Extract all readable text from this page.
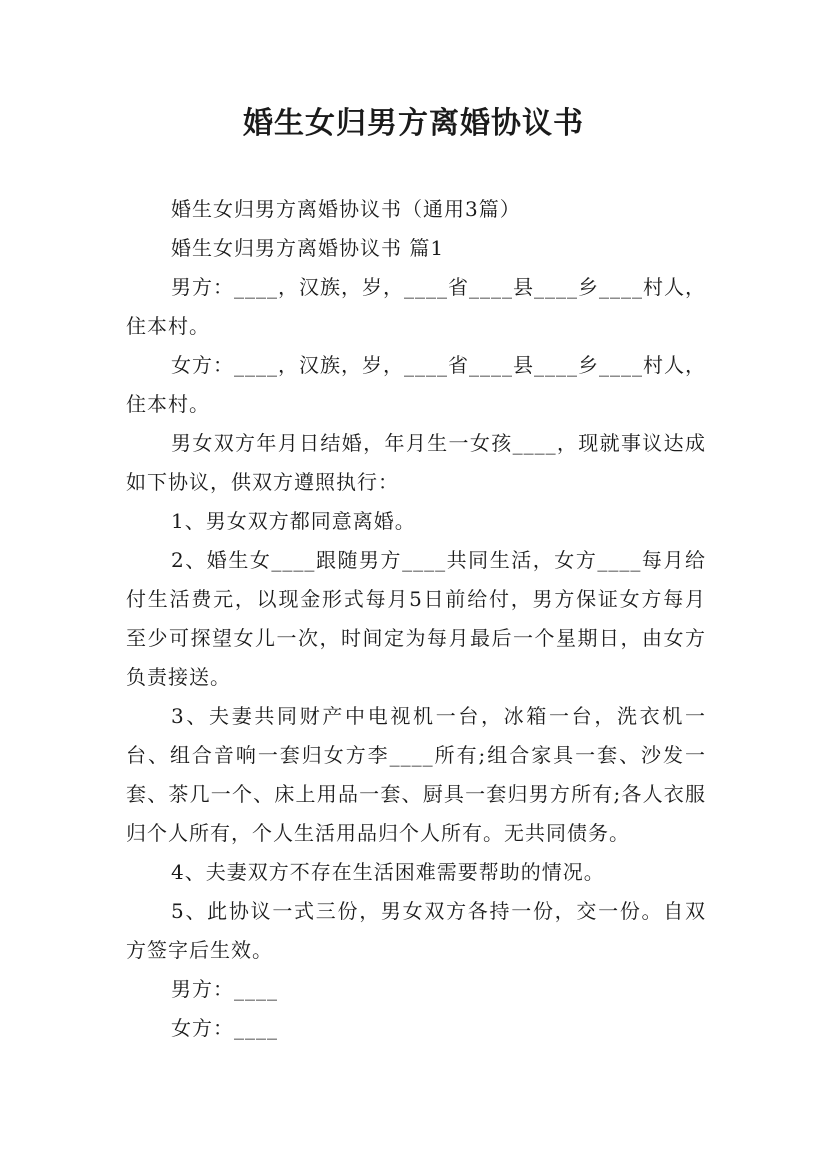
婚生女归男方离婚协议书

婚生女归男方离婚协议书（通用3篇）

婚生女归男方离婚协议书 篇1

男方：____，汉族，岁，____省____县____乡____村人，住本村。

女方：____，汉族，岁，____省____县____乡____村人，住本村。

男女双方年月日结婚，年月生一女孩____，现就事议达成如下协议，供双方遵照执行：

1、男女双方都同意离婚。

2、婚生女____跟随男方____共同生活，女方____每月给付生活费元，以现金形式每月5日前给付，男方保证女方每月至少可探望女儿一次，时间定为每月最后一个星期日，由女方负责接送。

3、夫妻共同财产中电视机一台，冰箱一台，洗衣机一台、组合音响一套归女方李____所有;组合家具一套、沙发一套、茶几一个、床上用品一套、厨具一套归男方所有;各人衣服归个人所有，个人生活用品归个人所有。无共同债务。

4、夫妻双方不存在生活困难需要帮助的情况。

5、此协议一式三份，男女双方各持一份，交一份。自双方签字后生效。

男方：____

女方：____
